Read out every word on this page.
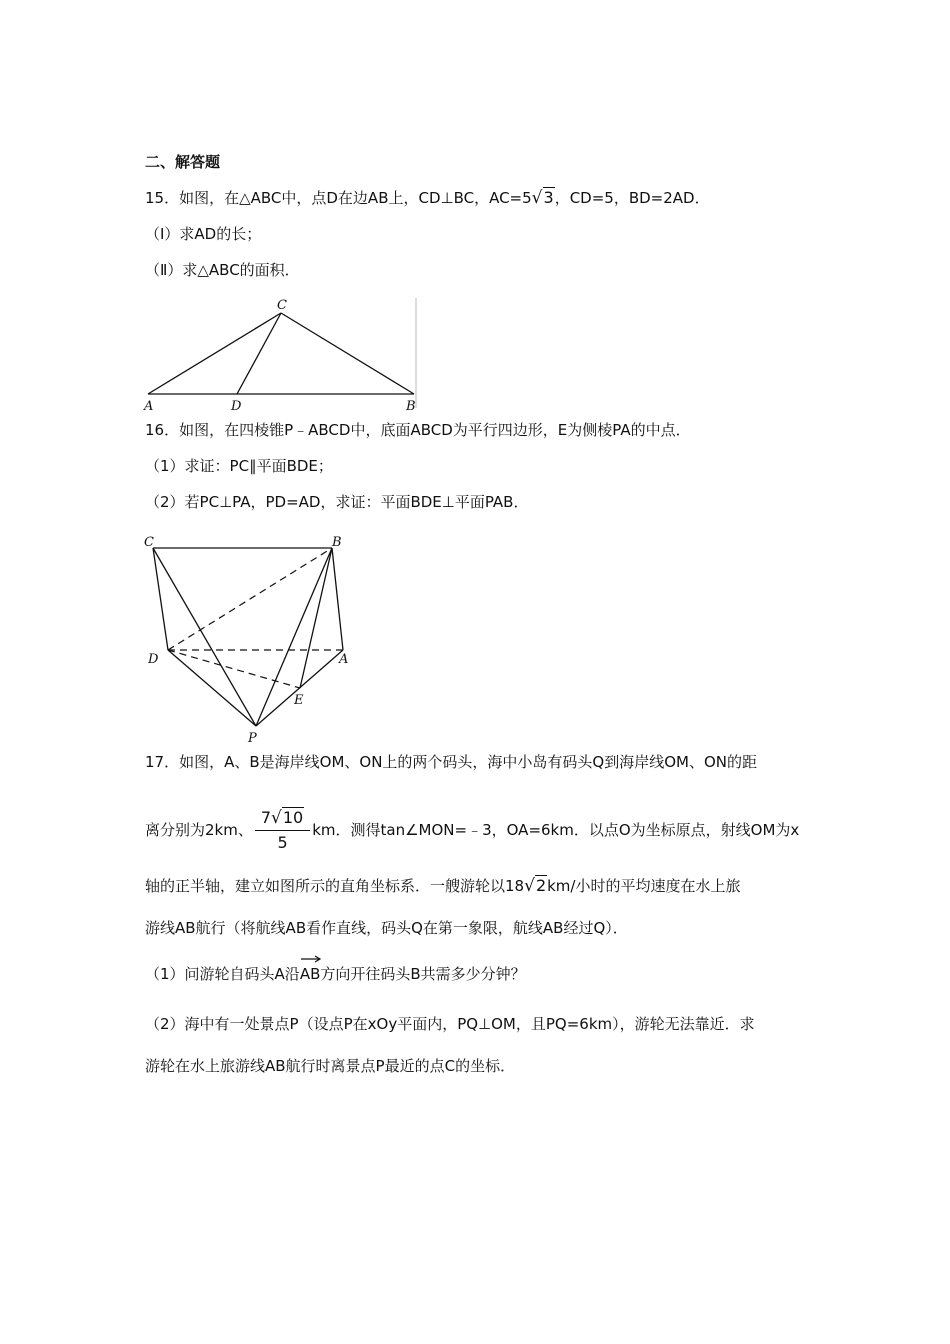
二、解答题
15．如图，在△ABC中，点D在边AB上，CD⊥BC，AC=5√3，CD=5，BD=2AD．
（Ⅰ）求AD的长；
（Ⅱ）求△ABC的面积．
C
A	D	B
16．如图，在四棱锥P﹣ABCD中，底面ABCD为平行四边形，E为侧棱PA的中点．
（1）求证：PC∥平面BDE；
（2）若PC⊥PA，PD=AD，求证：平面BDE⊥平面PAB．
C	B
D	A
E
P
17．如图，A、B是海岸线OM、ON上的两个码头，海中小岛有码头Q到海岸线OM、ON的距
离分别为2km、 $\frac{7√10}{5}$ km．测得tan∠MON=﹣3，OA=6km．以点O为坐标原点，射线OM为x
轴的正半轴，建立如图所示的直角坐标系．一艘游轮以18√2km/小时的平均速度在水上旅
游线AB航行（将航线AB看作直线，码头Q在第一象限，航线AB经过Q）．
（1）问游轮自码头A沿
AB方向开往码头B共需多少分钟？
（2）海中有一处景点P（设点P在xOy平面内，PQ⊥OM，且PQ=6km），游轮无法靠近．求
游轮在水上旅游线AB航行时离景点P最近的点C的坐标．
